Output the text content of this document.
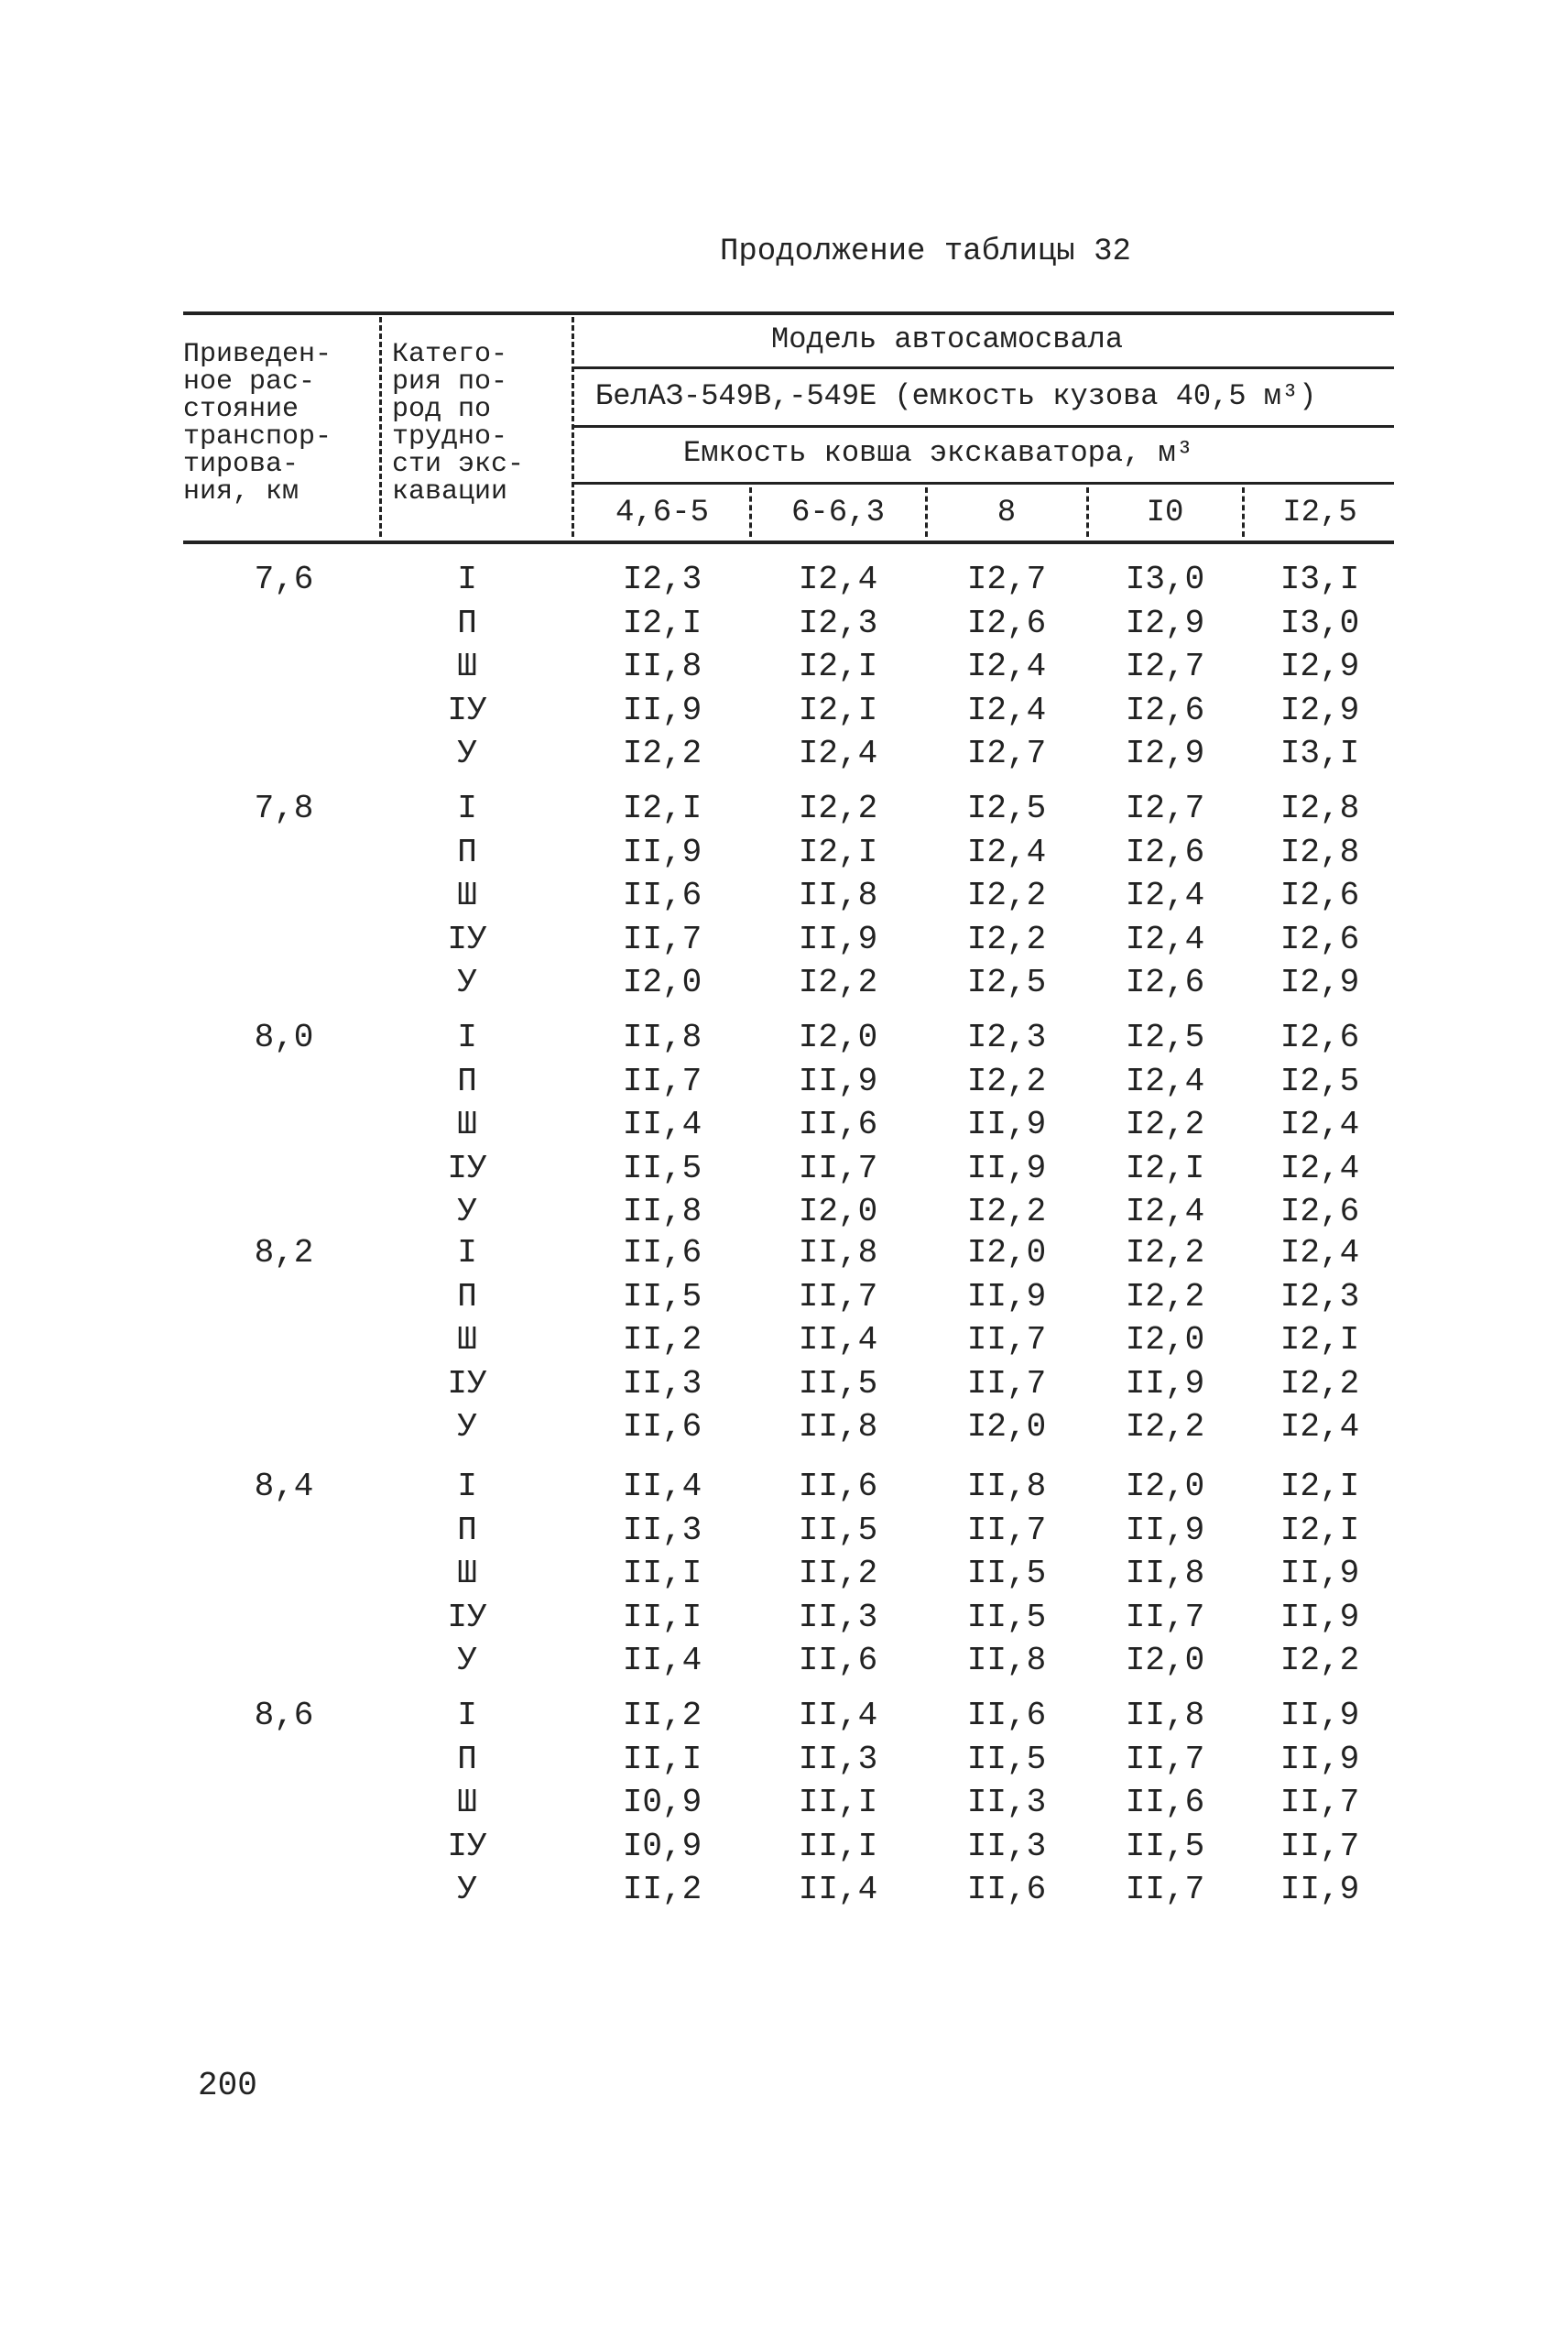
Продолжение таблицы 32
Приведен-
ное рас-
стояние
транспор-
тирова-
ния, км
Катего-
рия по-
род по
трудно-
сти экс-
кавации
Модель автосамосвала
БелАЗ-549В,-549Е (емкость кузова 40,5 м³)
Емкость ковша экскаватора, м³
4,6-5	6-6,3	8	I0	I2,5
7,6	I	I2,3	I2,4	I2,7	I3,0	I3,I
П	I2,I	I2,3	I2,6	I2,9	I3,0
Ш	II,8	I2,I	I2,4	I2,7	I2,9
ІУ	II,9	I2,I	I2,4	I2,6	I2,9
У	I2,2	I2,4	I2,7	I2,9	I3,I
7,8	I	I2,I	I2,2	I2,5	I2,7	I2,8
П	II,9	I2,I	I2,4	I2,6	I2,8
Ш	II,6	II,8	I2,2	I2,4	I2,6
ІУ	II,7	II,9	I2,2	I2,4	I2,6
У	I2,0	I2,2	I2,5	I2,6	I2,9
8,0	I	II,8	I2,0	I2,3	I2,5	I2,6
П	II,7	II,9	I2,2	I2,4	I2,5
Ш	II,4	II,6	II,9	I2,2	I2,4
ІУ	II,5	II,7	II,9	I2,I	I2,4
У	II,8	I2,0	I2,2	I2,4	I2,6
8,2	I	II,6	II,8	I2,0	I2,2	I2,4
П	II,5	II,7	II,9	I2,2	I2,3
Ш	II,2	II,4	II,7	I2,0	I2,I
ІУ	II,3	II,5	II,7	II,9	I2,2
У	II,6	II,8	I2,0	I2,2	I2,4
8,4	I	II,4	II,6	II,8	I2,0	I2,I
П	II,3	II,5	II,7	II,9	I2,I
Ш	II,I	II,2	II,5	II,8	II,9
ІУ	II,I	II,3	II,5	II,7	II,9
У	II,4	II,6	II,8	I2,0	I2,2
8,6	I	II,2	II,4	II,6	II,8	II,9
П	II,I	II,3	II,5	II,7	II,9
Ш	I0,9	II,I	II,3	II,6	II,7
ІУ	I0,9	II,I	II,3	II,5	II,7
У	II,2	II,4	II,6	II,7	II,9
200
